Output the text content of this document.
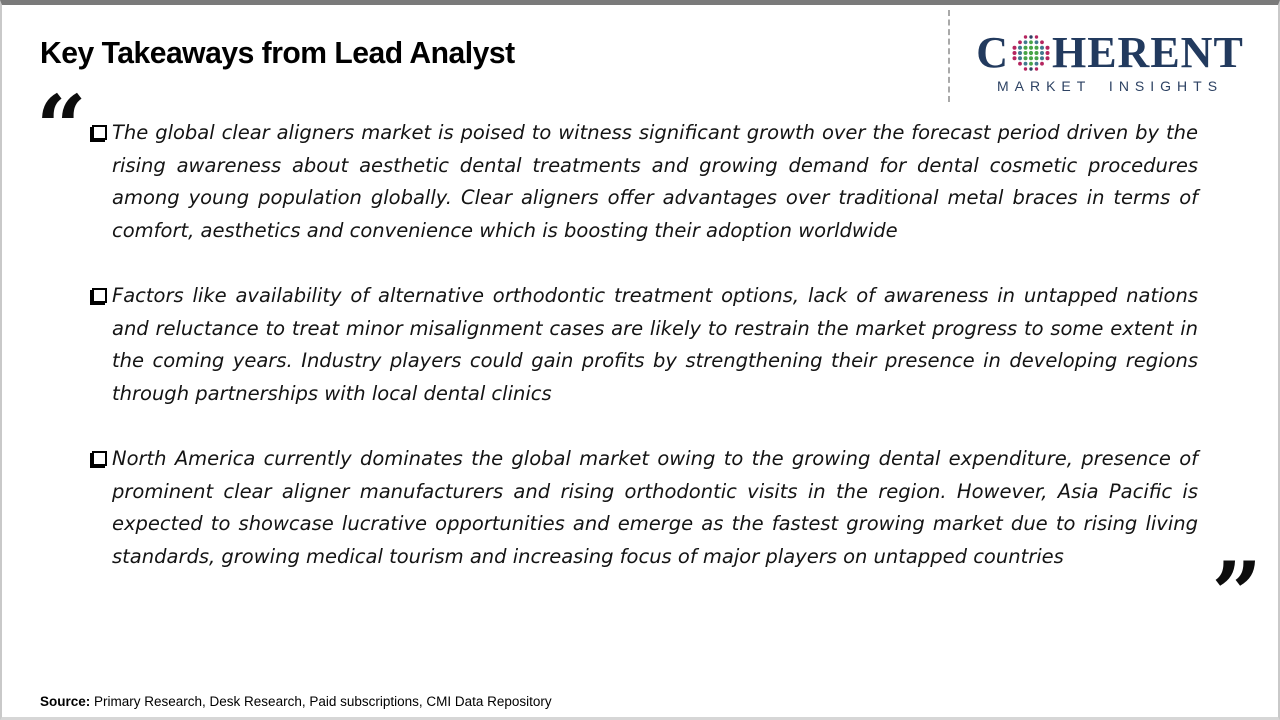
Key Takeaways from Lead Analyst	C HERENT
MARKET INSIGHTS
“	The global clear aligners market is poised to witness significant growth over the forecast period driven by the rising awareness about aesthetic dental treatments and growing demand for dental cosmetic procedures among young population globally. Clear aligners offer advantages over traditional metal braces in terms of comfort, aesthetics and convenience which is boosting their adoption worldwide
Factors like availability of alternative orthodontic treatment options, lack of awareness in untapped nations and reluctance to treat minor misalignment cases are likely to restrain the market progress to some extent in the coming years. Industry players could gain profits by strengthening their presence in developing regions through partnerships with local dental clinics
North America currently dominates the global market owing to the growing dental expenditure, presence of prominent clear aligner manufacturers and rising orthodontic visits in the region. However, Asia Pacific is expected to showcase lucrative opportunities and emerge as the fastest growing market due to rising living standards, growing medical tourism and increasing focus of major players on untapped countries	”
Source: Primary Research, Desk Research, Paid subscriptions, CMI Data Repository
